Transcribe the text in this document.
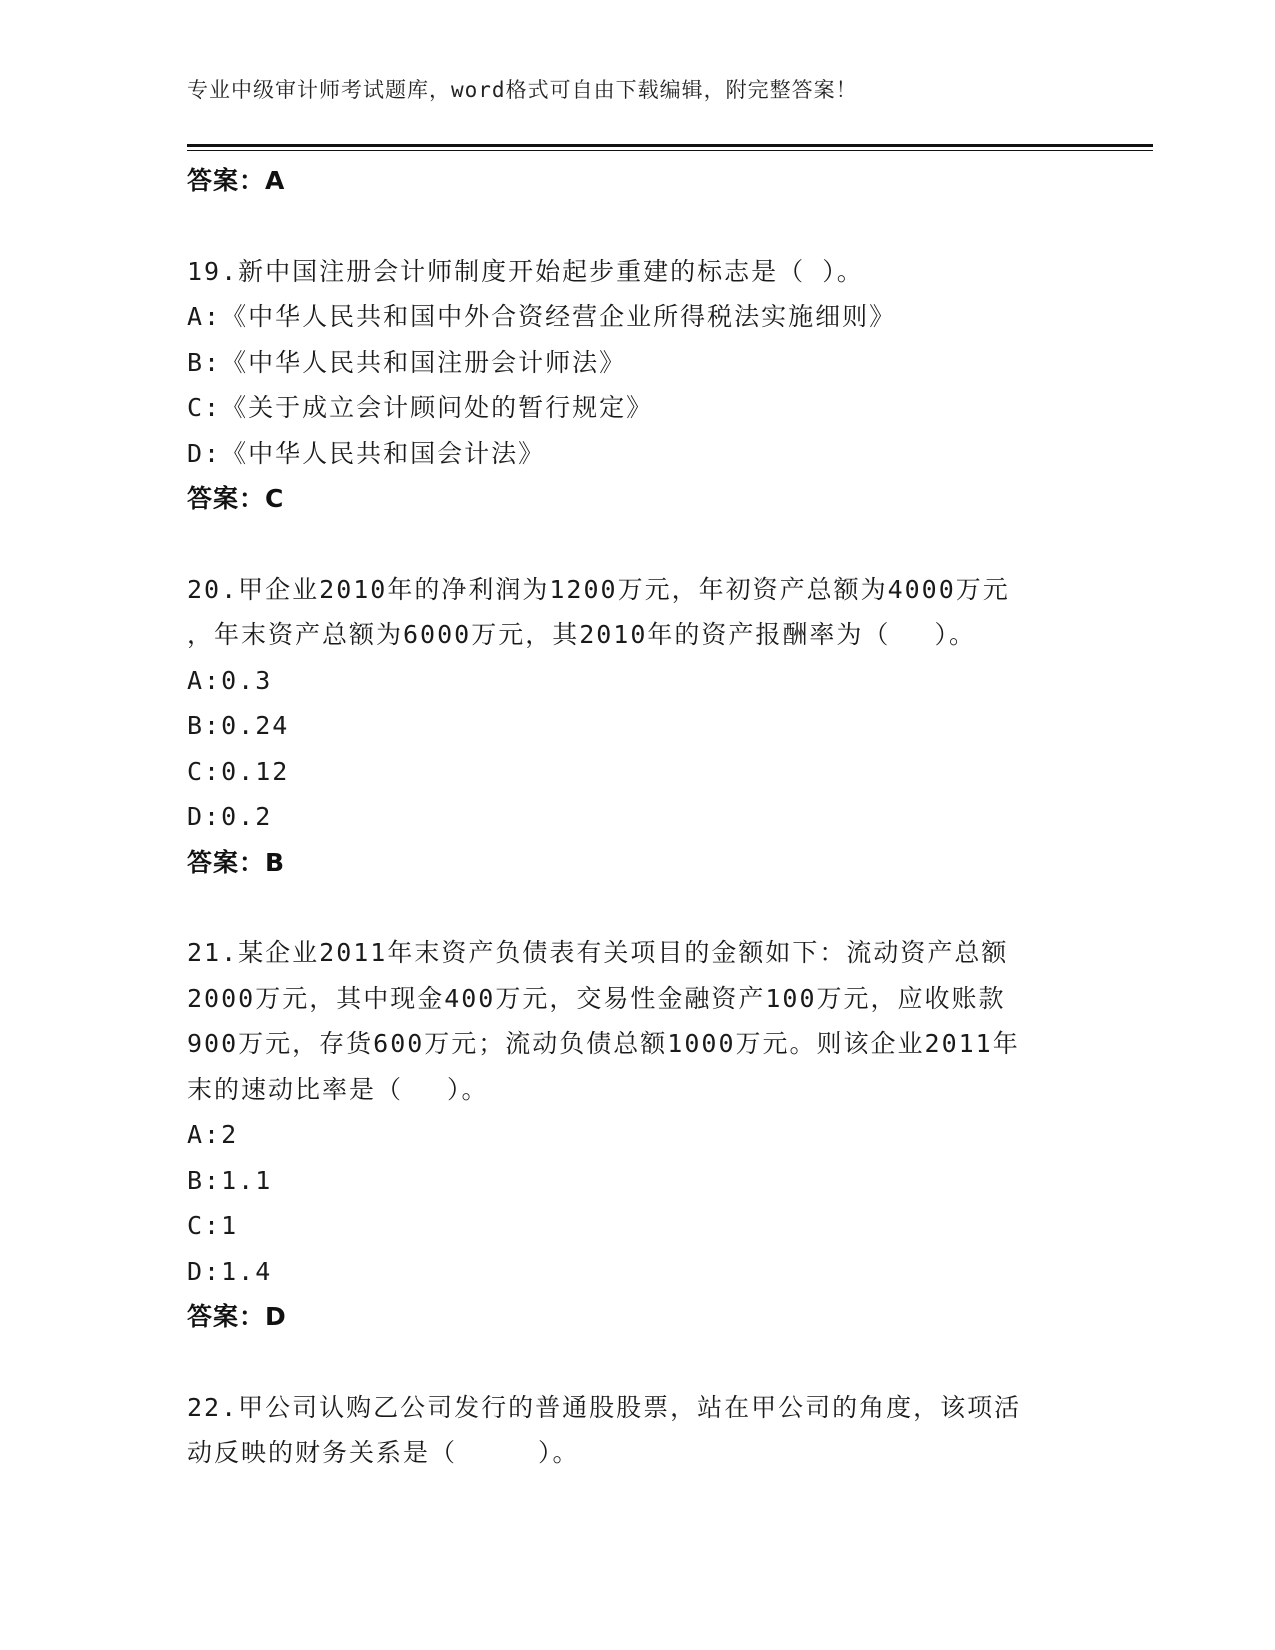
专业中级审计师考试题库，word格式可自由下载编辑，附完整答案！
答案：A
19.新中国注册会计师制度开始起步重建的标志是（ ）。
A:《中华人民共和国中外合资经营企业所得税法实施细则》
B:《中华人民共和国注册会计师法》
C:《关于成立会计顾问处的暂行规定》
D:《中华人民共和国会计法》
答案：C
20.甲企业2010年的净利润为1200万元，年初资产总额为4000万元
，年末资产总额为6000万元，其2010年的资产报酬率为（　 ）。
A:0.3
B:0.24
C:0.12
D:0.2
答案：B
21.某企业2011年末资产负债表有关项目的金额如下：流动资产总额
2000万元，其中现金400万元，交易性金融资产100万元，应收账款
900万元，存货600万元；流动负债总额1000万元。则该企业2011年
末的速动比率是（　 ）。
A:2
B:1.1
C:1
D:1.4
答案：D
22.甲公司认购乙公司发行的普通股股票，站在甲公司的角度，该项活
动反映的财务关系是（　　　）。
